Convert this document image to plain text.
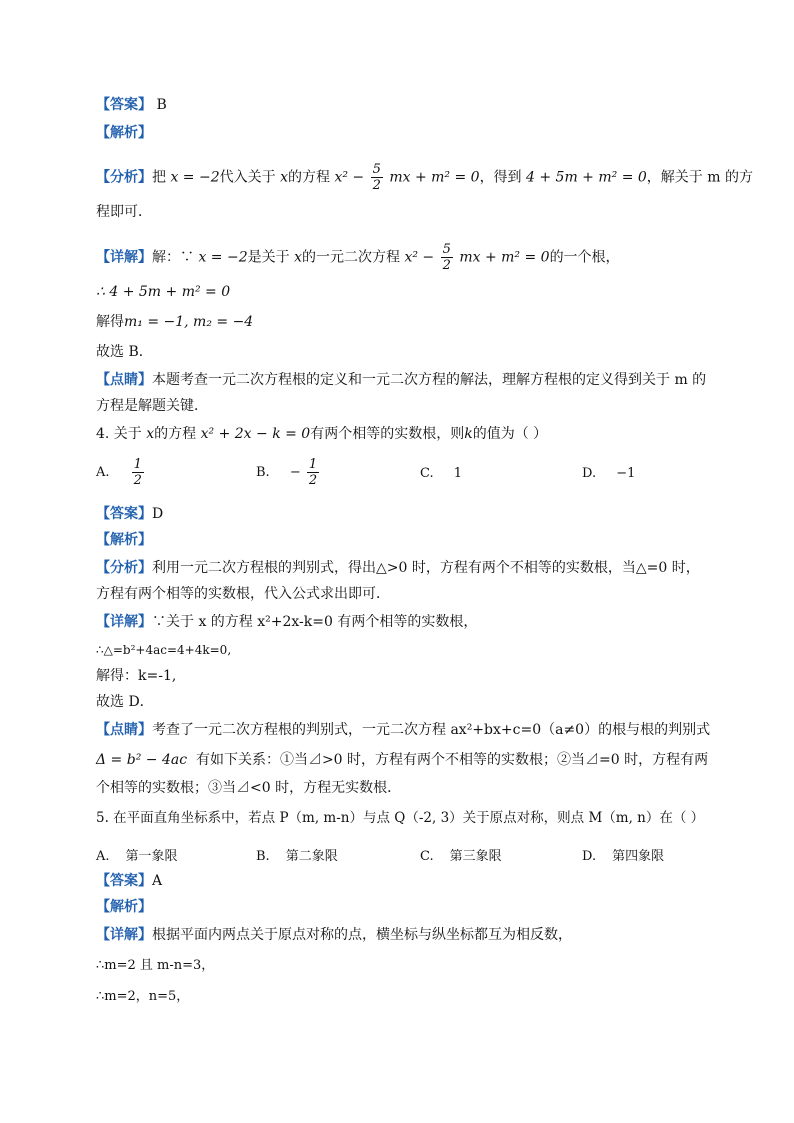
【答案】 B
【解析】
【分析】把 x = −2代入关于 x的方程 $x^2 - \frac{5}{2}$ mx + m² = 0，得到 4 + 5m + m² = 0，解关于 m 的方
程即可．
【详解】解：∵ x = −2是关于 x的一元二次方程 $x^2 - \frac{5}{2}$ mx + m² = 0的一个根，
∴ 4 + 5m + m² = 0
解得m₁ = −1, m₂ = −4
故选 B．
【点睛】本题考查一元二次方程根的定义和一元二次方程的解法，理解方程根的定义得到关于 m 的
方程是解题关键．
4. 关于 x的方程 x² + 2x − k = 0有两个相等的实数根，则k的值为（ ）
A. $\frac{1}{2}$	B. − $\frac{1}{2}$	C. 1	D. −1
【答案】D
【解析】
【分析】利用一元二次方程根的判别式，得出△>0 时，方程有两个不相等的实数根，当△=0 时，
方程有两个相等的实数根，代入公式求出即可．
【详解】∵关于 x 的方程 x²+2x-k=0 有两个相等的实数根，
∴△=b²+4ac=4+4k=0,
解得：k=-1,
故选 D．
【点睛】考查了一元二次方程根的判别式，一元二次方程 ax²+bx+c=0（a≠0）的根与根的判别式
Δ = b² − 4ac 有如下关系：①当⊿>0 时，方程有两个不相等的实数根；②当⊿=0 时，方程有两
个相等的实数根；③当⊿<0 时，方程无实数根．
5. 在平面直角坐标系中，若点 P（m, m-n）与点 Q（-2, 3）关于原点对称，则点 M（m, n）在（ ）
A. 第一象限	B. 第二象限	C. 第三象限	D. 第四象限
【答案】A
【解析】
【详解】根据平面内两点关于原点对称的点，横坐标与纵坐标都互为相反数，
∴m=2 且 m-n=3，
∴m=2，n=5，
